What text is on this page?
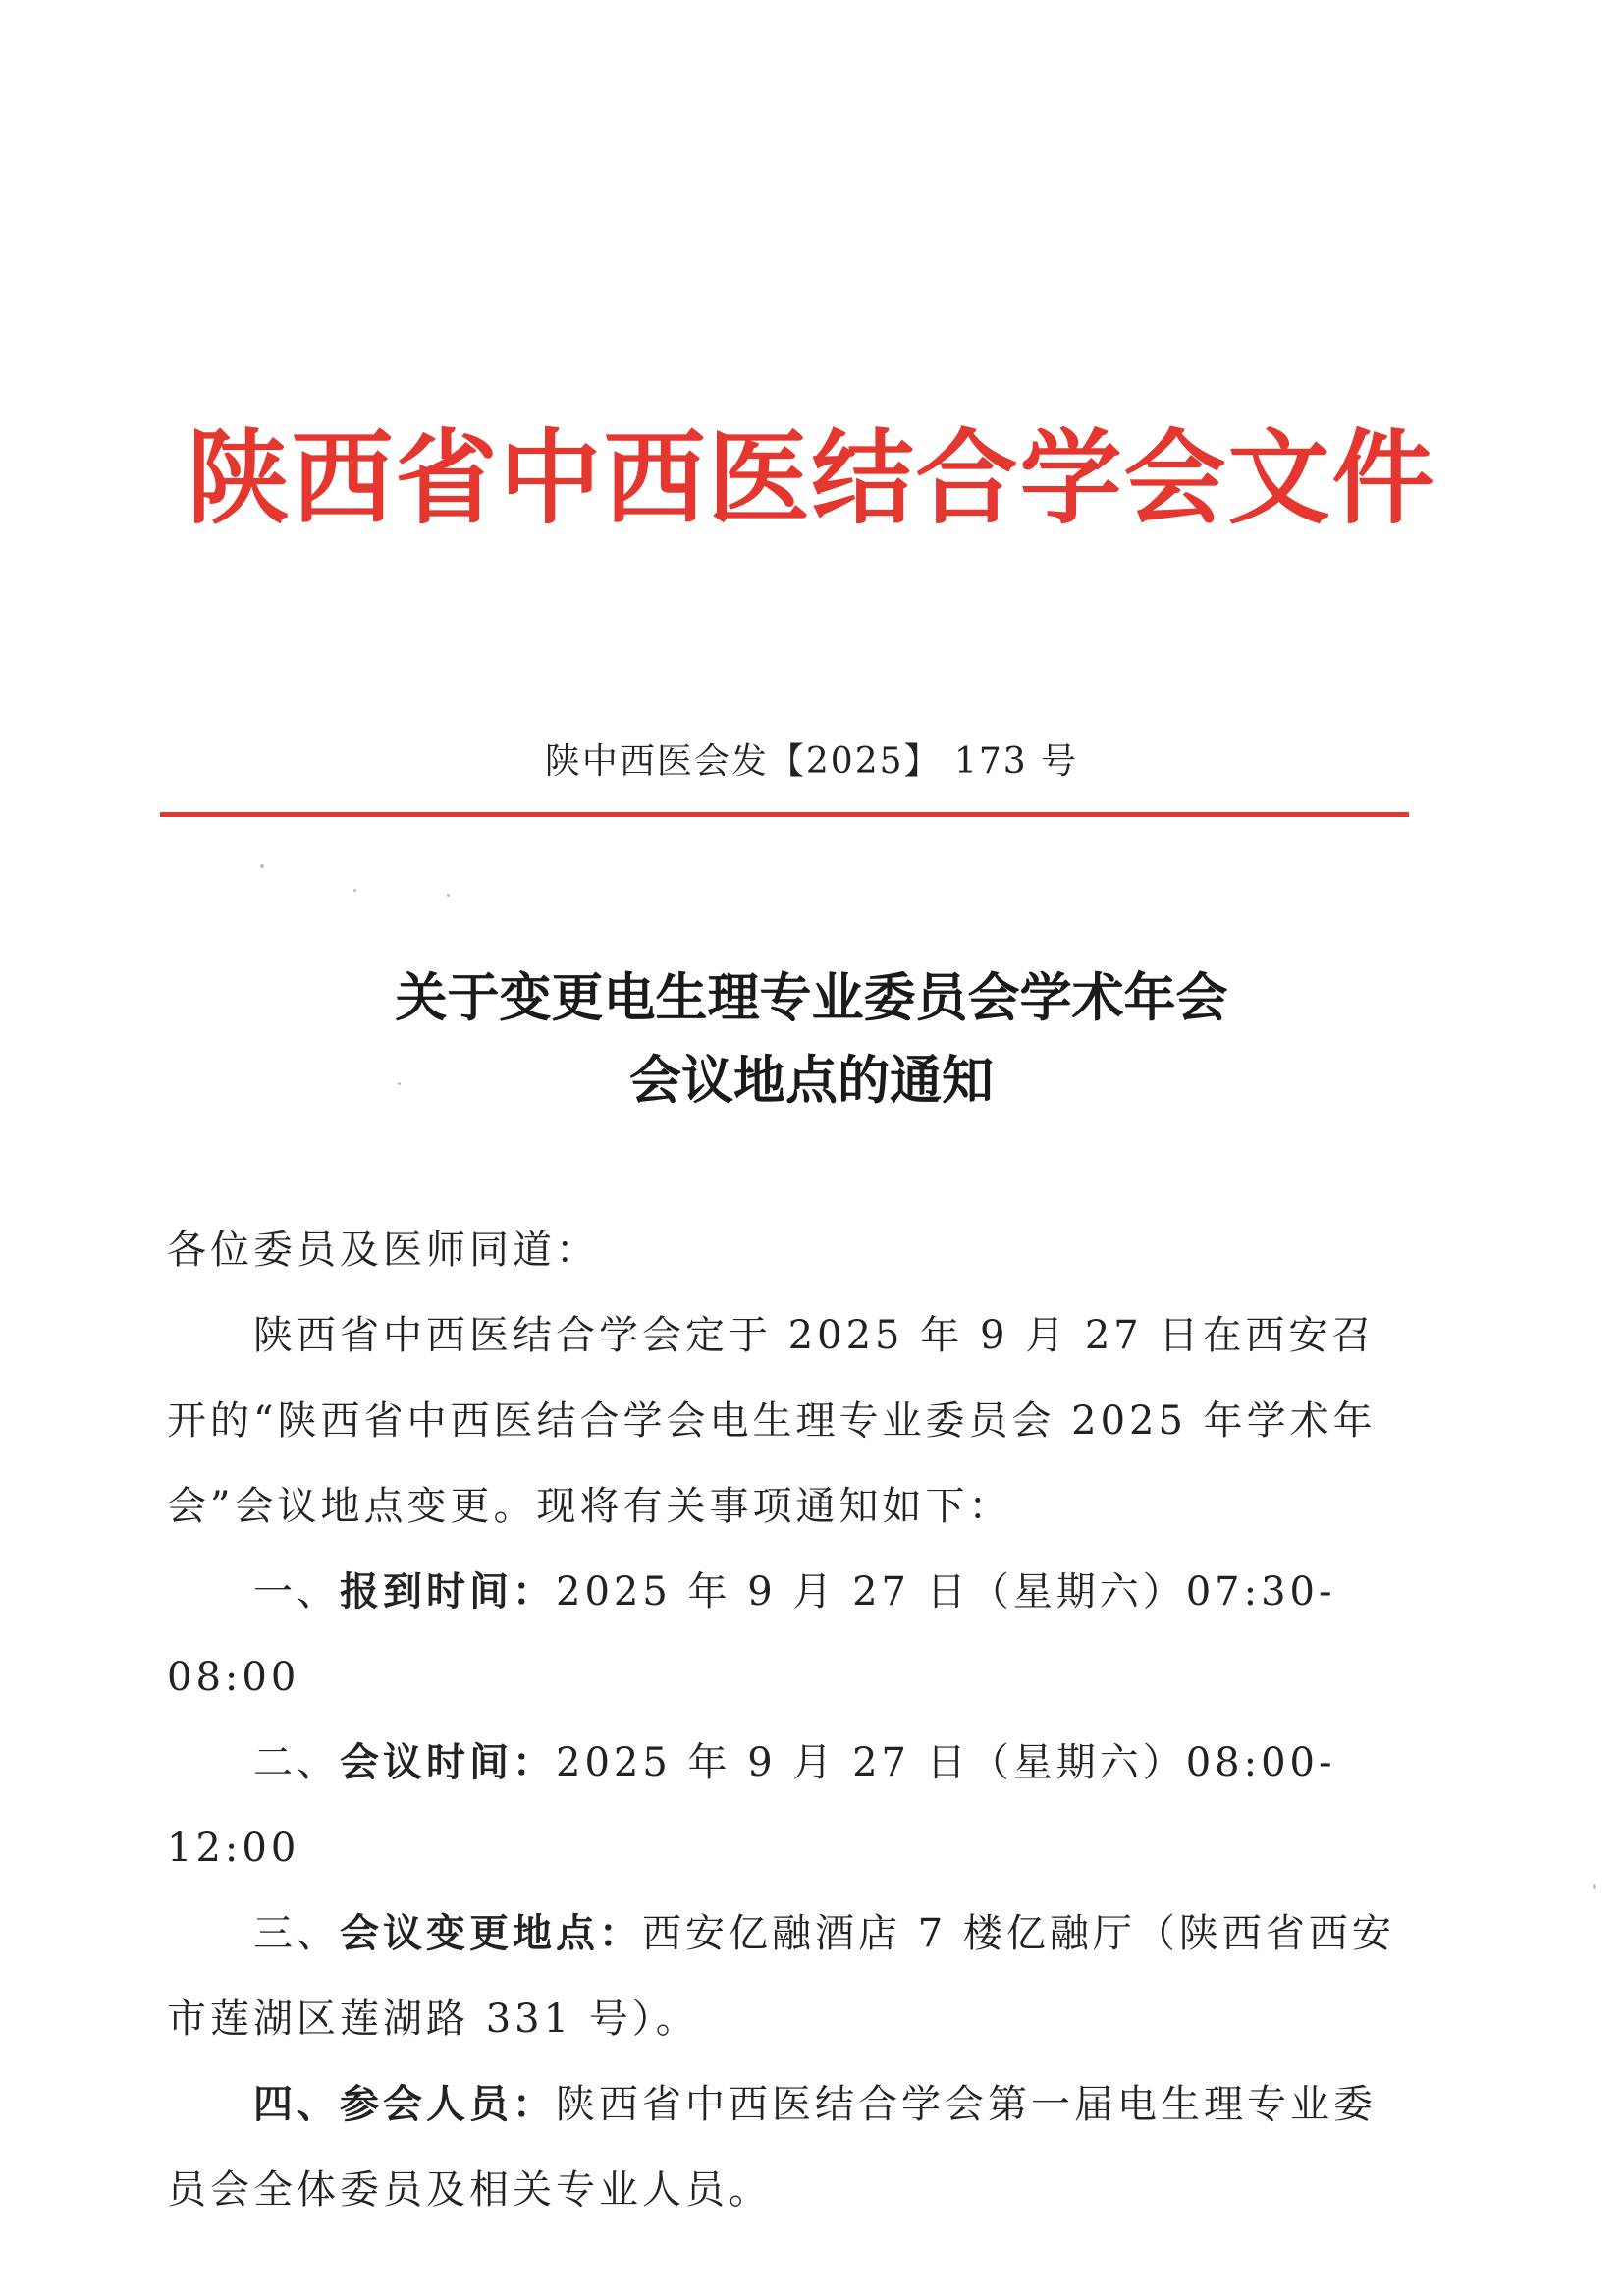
陕西省中西医结合学会文件
陕中西医会发【2025】 173 号
关于变更电生理专业委员会学术年会
会议地点的通知

各位委员及医师同道：

陕西省中西医结合学会定于 2025 年 9 月 27 日在西安召开的“陕西省中西医结合学会电生理专业委员会 2025 年学术年会”会议地点变更。现将有关事项通知如下：

一、报到时间：2025 年 9 月 27 日（星期六）07:30-08:00

二、会议时间：2025 年 9 月 27 日（星期六）08:00-12:00

三、会议变更地点：西安亿融酒店 7 楼亿融厅（陕西省西安市莲湖区莲湖路 331 号）。

四、参会人员：陕西省中西医结合学会第一届电生理专业委员会全体委员及相关专业人员。
